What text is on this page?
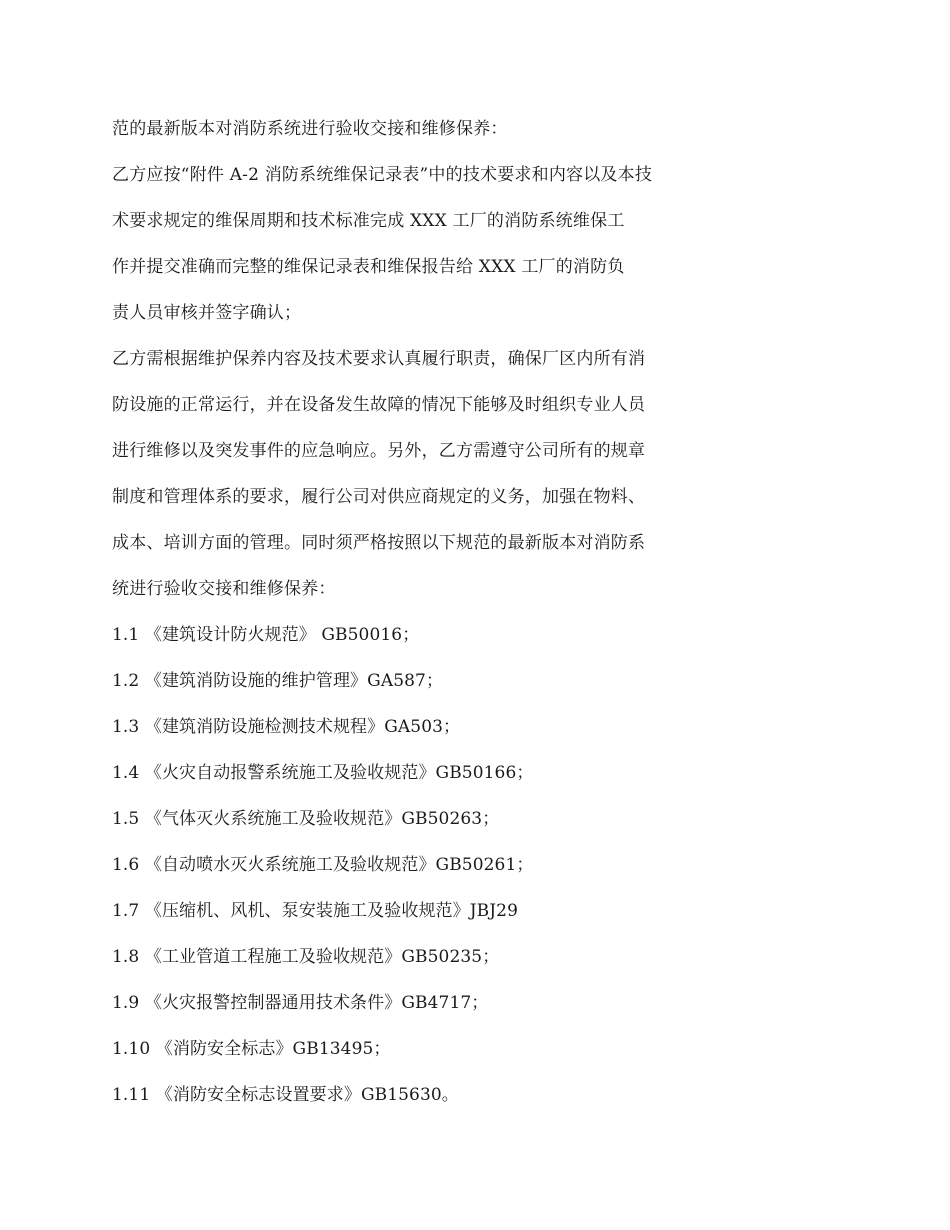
范的最新版本对消防系统进行验收交接和维修保养：
乙方应按“附件 A-2 消防系统维保记录表”中的技术要求和内容以及本技
术要求规定的维保周期和技术标准完成 XXX 工厂的消防系统维保工
作并提交准确而完整的维保记录表和维保报告给 XXX 工厂的消防负
责人员审核并签字确认；
乙方需根据维护保养内容及技术要求认真履行职责，确保厂区内所有消
防设施的正常运行，并在设备发生故障的情况下能够及时组织专业人员
进行维修以及突发事件的应急响应。另外，乙方需遵守公司所有的规章
制度和管理体系的要求，履行公司对供应商规定的义务，加强在物料、
成本、培训方面的管理。同时须严格按照以下规范的最新版本对消防系
统进行验收交接和维修保养：
1.1 《建筑设计防火规范》 GB50016；
1.2 《建筑消防设施的维护管理》GA587；
1.3 《建筑消防设施检测技术规程》GA503；
1.4 《火灾自动报警系统施工及验收规范》GB50166；
1.5 《气体灭火系统施工及验收规范》GB50263；
1.6 《自动喷水灭火系统施工及验收规范》GB50261；
1.7 《压缩机、风机、泵安装施工及验收规范》JBJ29
1.8 《工业管道工程施工及验收规范》GB50235；
1.9 《火灾报警控制器通用技术条件》GB4717；
1.10 《消防安全标志》GB13495；
1.11 《消防安全标志设置要求》GB15630。
